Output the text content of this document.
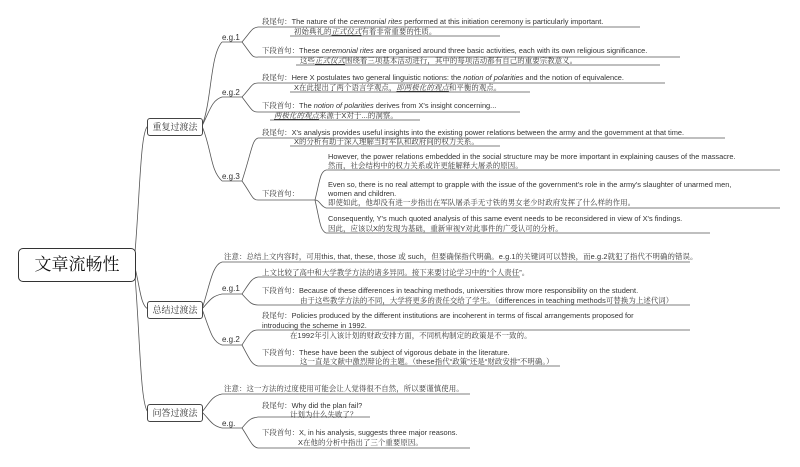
文章流畅性
重复过渡法
总结过渡法
问答过渡法
e.g.1
段尾句：The nature of the ceremonial rites performed at this initiation ceremony is particularly important.
初始典礼的正式仪式有着非常重要的性质。
下段首句：These ceremonial rites are organised around three basic activities, each with its own religious significance.
这些正式仪式围绕着三项基本活动进行，其中的每项活动都有自己的重要宗教意义。
e.g.2
段尾句：Here X postulates two general linguistic notions: the notion of polarities and the notion of equivalence.
X在此提出了两个语言学观点，即两极化的观点和平衡的观点。
下段首句：The notion of polarities derives from X's insight concerning...
两极化的观点来源于X对于...的洞察。
e.g.3
段尾句：X's analysis provides useful insights into the existing power relations between the army and the government at that time.
X的分析有助于深入理解当时军队和政府间的权力关系。
下段首句：
However, the power relations embedded in the social structure may be more important in explaining causes of the massacre.
然而，社会结构中的权力关系或许更能解释大屠杀的原因。
Even so, there is no real attempt to grapple with the issue of the government's role in the army's slaughter of unarmed men,
women and children.
即使如此，他却没有进一步指出在军队屠杀手无寸铁的男女老少时政府发挥了什么样的作用。
Consequently, Y's much quoted analysis of this same event needs to be reconsidered in view of X's findings.
因此，应该以X的发现为基础，重新审视Y对此事件的广受认可的分析。
注意：总结上文内容时，可用this, that, these, those 或 such，但要确保指代明确。e.g.1的关键词可以替换，而e.g.2就犯了指代不明确的错误。
e.g.1
上文比较了高中和大学教学方法的诸多异同。接下来要讨论学习中的“个人责任”。
下段首句：Because of these differences in teaching methods, universities throw more responsibility on the student.
由于这些教学方法的不同，大学将更多的责任交给了学生。（differences in teaching methods可替换为上述代词）
e.g.2
段尾句：Policies produced by the different institutions are incoherent in terms of fiscal arrangements proposed for
introducing the scheme in 1992.
在1992年引入该计划的财政安排方面，不同机构制定的政策是不一致的。
下段首句：These have been the subject of vigorous debate in the literature.
这一直是文献中激烈辩论的主题。（these指代“政策”还是“财政安排”不明确。）
注意：这一方法的过度使用可能会让人觉得很不自然，所以要谨慎使用。
e.g.
段尾句：Why did the plan fail?
计划为什么失败了？
下段首句：X, in his analysis, suggests three major reasons.
X在他的分析中指出了三个重要原因。
